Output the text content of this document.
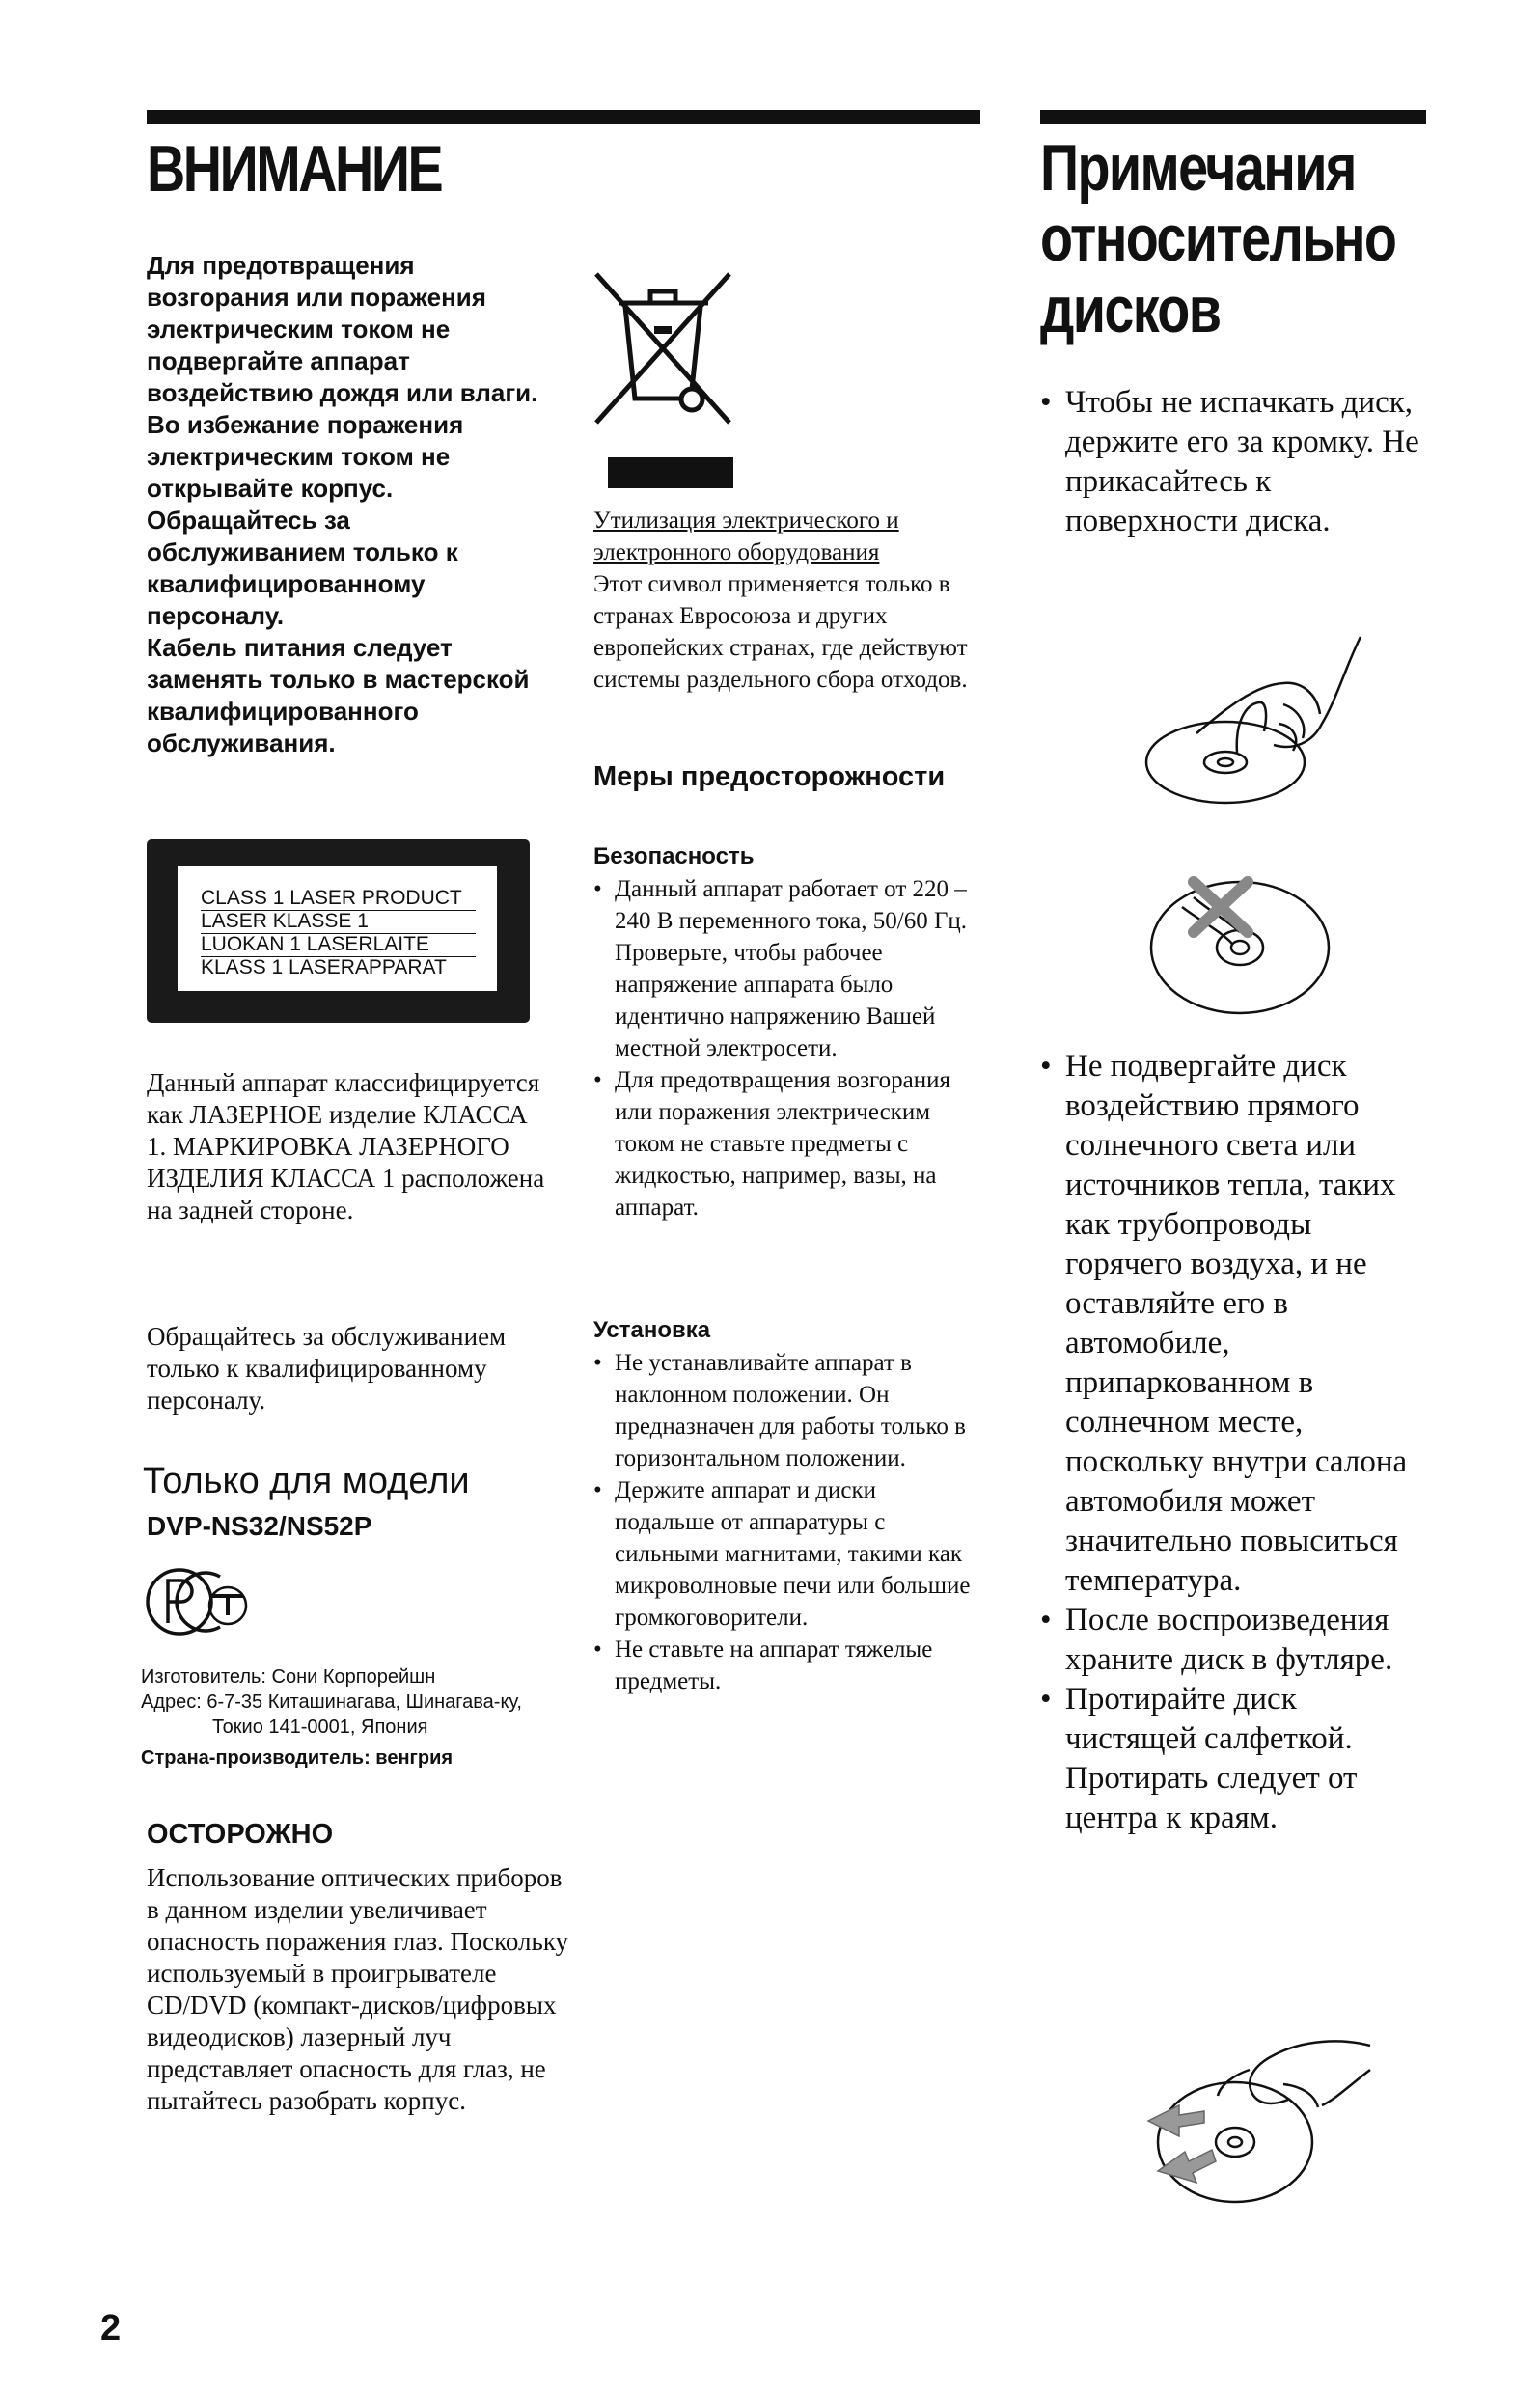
ВНИМАНИЕ

Для предотвращения возгорания или поражения электрическим током не подвергайте аппарат воздействию дождя или влаги.

Во избежание поражения электрическим током не открывайте корпус. Обращайтесь за обслуживанием только к квалифицированному персоналу.

Кабель питания следует заменять только в мастерской квалифицированного обслуживания.

CLASS 1 LASER PRODUCT
LASER KLASSE 1
LUOKAN 1 LASERLAITE
KLASS 1 LASERAPPARAT
Данный аппарат классифицируется как ЛАЗЕРНОЕ изделие КЛАССА 1. МАРКИРОВКА ЛАЗЕРНОГО ИЗДЕЛИЯ КЛАССА 1 расположена на задней стороне.
Обращайтесь за обслуживанием только к квалифицированному персоналу.
Только для модели
DVP-NS32/NS52P
Изготовитель: Сони Корпорейшн
Адрес: 6-7-35 Киташинагава, Шинагава-ку,
Токио 141-0001, Япония
Страна-производитель: венгрия
ОСТОРОЖНО
Использование оптических приборов в данном изделии увеличивает опасность поражения глаз. Поскольку используемый в проигрывателе CD/DVD (компакт-дисков/цифровых видеодисков) лазерный луч представляет опасность для глаз, не пытайтесь разобрать корпус.
2
Утилизация электрического и электронного оборудования
Этот символ применяется только в странах Евросоюза и других европейских странах, где действуют системы раздельного сбора отходов.
Меры предосторожности
Безопасность

• Данный аппарат работает от 220 – 240 В переменного тока, 50/60 Гц. Проверьте, чтобы рабочее напряжение аппарата было идентично напряжению Вашей местной электросети.

• Для предотвращения возгорания или поражения электрическим током не ставьте предметы с жидкостью, например, вазы, на аппарат.

Установка

• Не устанавливайте аппарат в наклонном положении. Он предназначен для работы только в горизонтальном положении.

• Держите аппарат и диски подальше от аппаратуры с сильными магнитами, такими как микроволновые печи или большие громкоговорители.

• Не ставьте на аппарат тяжелые предметы.

Примечания
относительно
дисков

• Чтобы не испачкать диск, держите его за кромку. Не прикасайтесь к поверхности диска.

• Не подвергайте диск воздействию прямого солнечного света или источников тепла, таких как трубопроводы горячего воздуха, и не оставляйте его в автомобиле, припаркованном в солнечном месте, поскольку внутри салона автомобиля может значительно повыситься температура.

• После воспроизведения храните диск в футляре.

• Протирайте диск чистящей салфеткой. Протирать следует от центра к краям.
